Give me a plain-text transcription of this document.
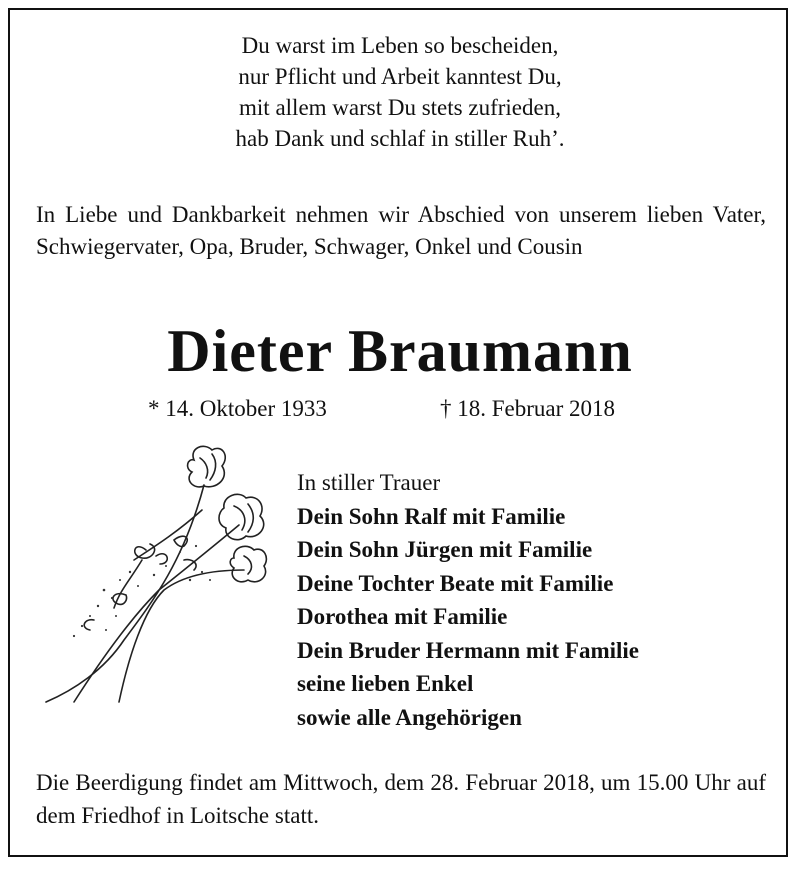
Du warst im Leben so bescheiden,
nur Pflicht und Arbeit kanntest Du,
mit allem warst Du stets zufrieden,
hab Dank und schlaf in stiller Ruh’.
In Liebe und Dankbarkeit nehmen wir Abschied von unserem lieben Vater, Schwiegervater, Opa, Bruder, Schwager, Onkel und Cousin
Dieter Braumann
* 14. Oktober 1933	† 18. Februar 2018
In stiller Trauer
Dein Sohn Ralf mit Familie
Dein Sohn Jürgen mit Familie
Deine Tochter Beate mit Familie
Dorothea mit Familie
Dein Bruder Hermann mit Familie
seine lieben Enkel
sowie alle Angehörigen
Die Beerdigung findet am Mittwoch, dem 28. Februar 2018, um 15.00 Uhr auf dem Friedhof in Loitsche statt.
